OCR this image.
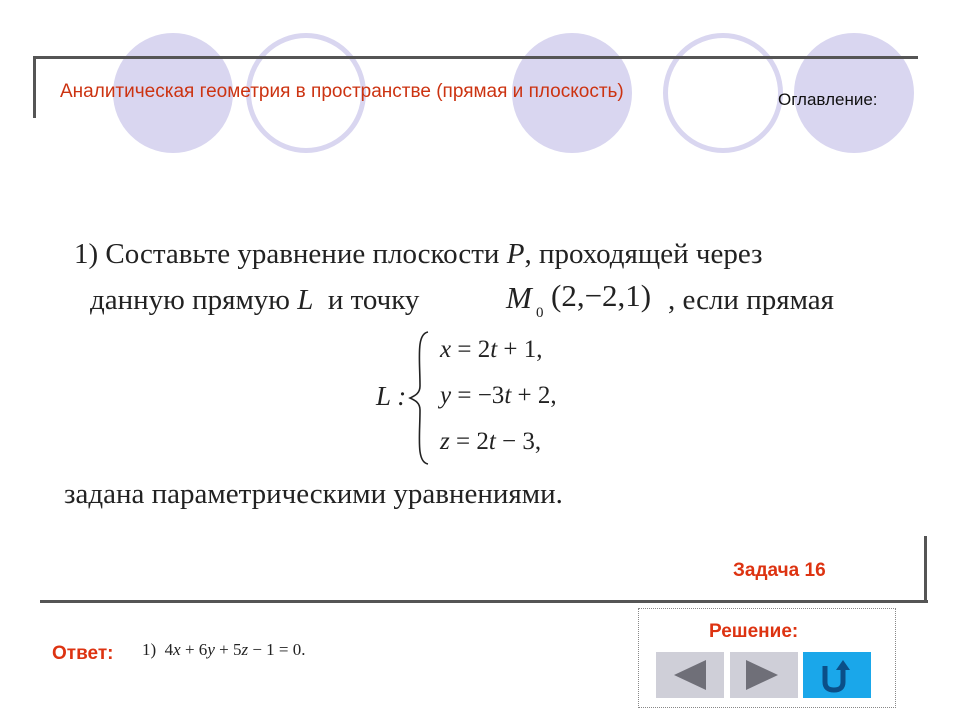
Аналитическая геометрия в пространстве (прямая и плоскость)	Оглавление:
1) Составьте уравнение плоскости P, проходящей через
данную прямую L  и точку	M 0 (2,−2,1) , если прямая
L :
x = 2t + 1,
y = −3t + 2,
z = 2t − 3,
задана параметрическими уравнениями.
Задача 16
Ответ: 1)  4x + 6y + 5z − 1 = 0.
Решение:
